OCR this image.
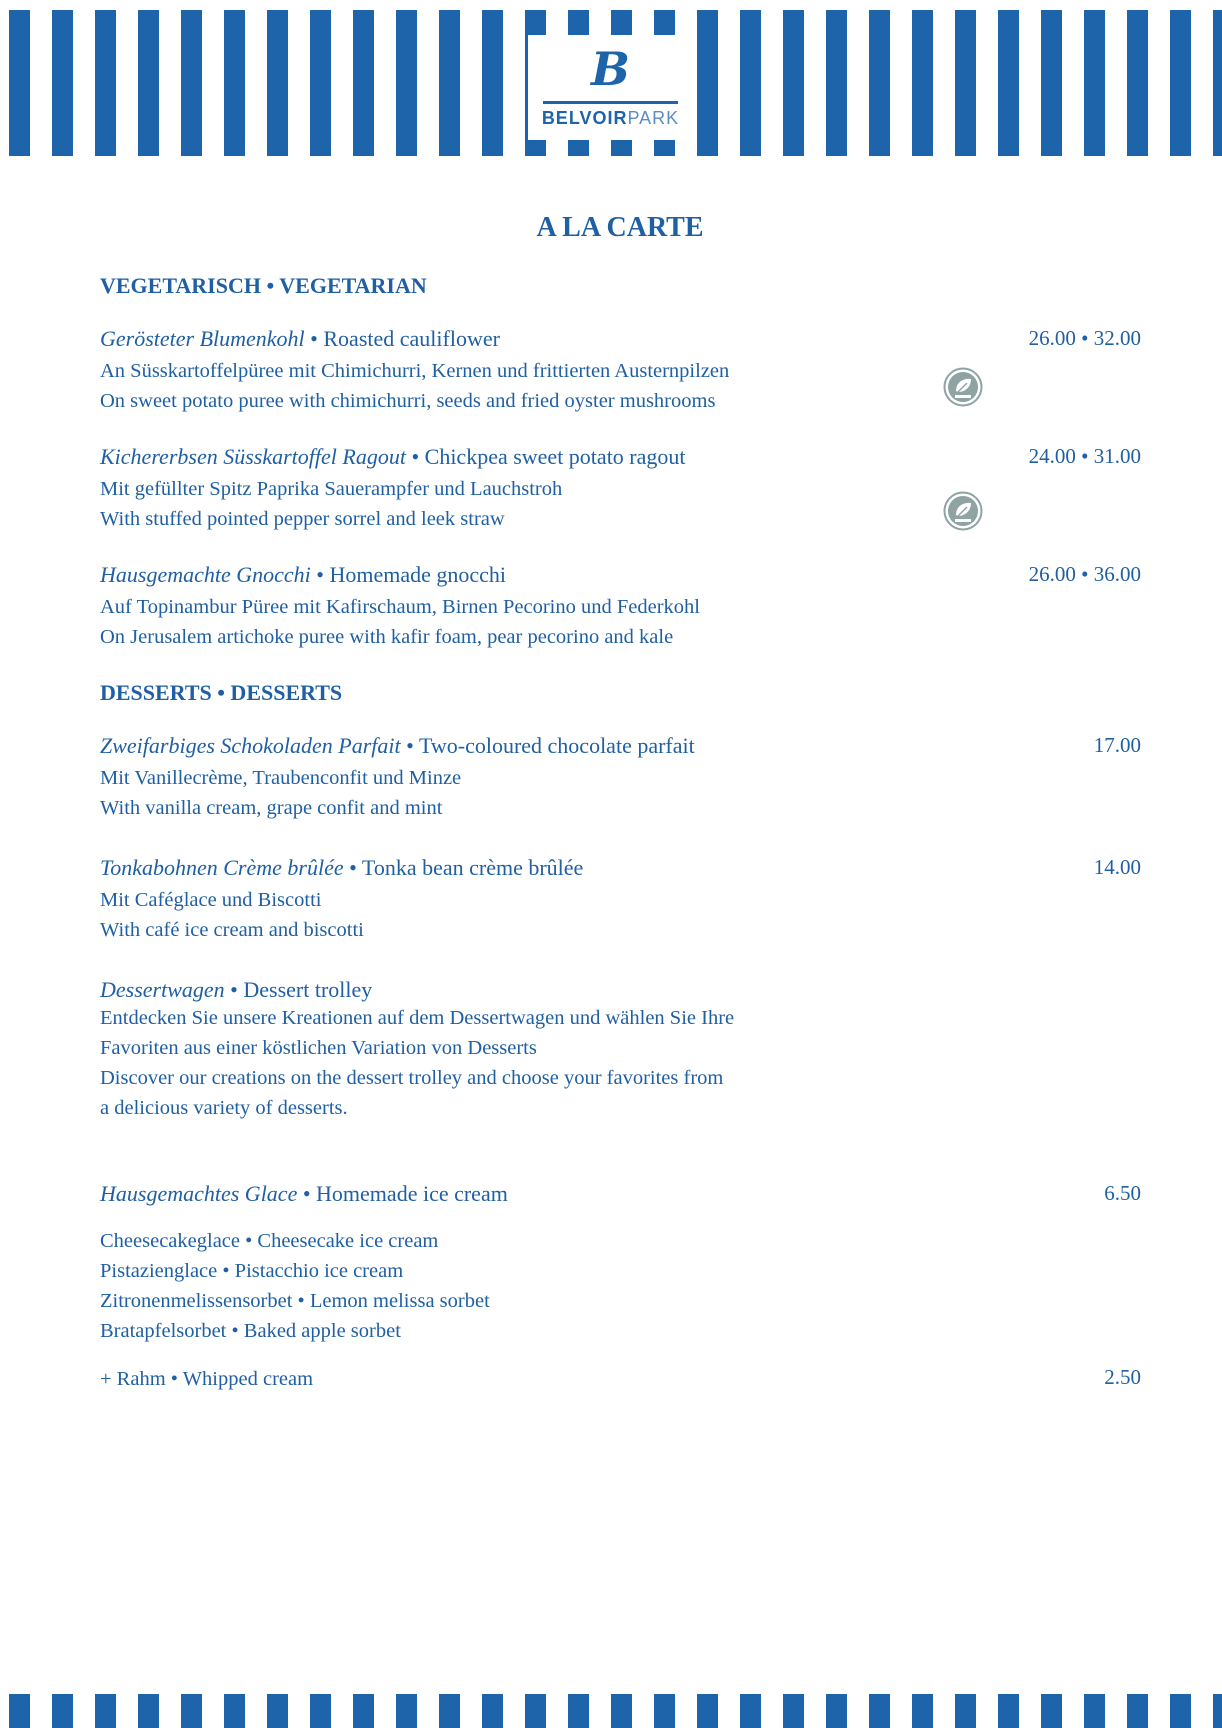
B
BELVOIRPARK
A LA CARTE
VEGETARISCH • VEGETARIAN
Gerösteter Blumenkohl • Roasted cauliflower	26.00 • 32.00
An Süsskartoffelpüree mit Chimichurri, Kernen und frittierten Austernpilzen
On sweet potato puree with chimichurri, seeds and fried oyster mushrooms
Kichererbsen Süsskartoffel Ragout • Chickpea sweet potato ragout	24.00 • 31.00
Mit gefüllter Spitz Paprika Sauerampfer und Lauchstroh
With stuffed pointed pepper sorrel and leek straw
Hausgemachte Gnocchi • Homemade gnocchi	26.00 • 36.00
Auf Topinambur Püree mit Kafirschaum, Birnen Pecorino und Federkohl
On Jerusalem artichoke puree with kafir foam, pear pecorino and kale
DESSERTS • DESSERTS
Zweifarbiges Schokoladen Parfait • Two-coloured chocolate parfait	17.00
Mit Vanillecrème, Traubenconfit und Minze
With vanilla cream, grape confit and mint
Tonkabohnen Crème brûlée • Tonka bean crème brûlée	14.00
Mit Caféglace und Biscotti
With café ice cream and biscotti
Dessertwagen • Dessert trolley
Entdecken Sie unsere Kreationen auf dem Dessertwagen und wählen Sie Ihre
Favoriten aus einer köstlichen Variation von Desserts
Discover our creations on the dessert trolley and choose your favorites from
a delicious variety of desserts.
Hausgemachtes Glace • Homemade ice cream	6.50
Cheesecakeglace • Cheesecake ice cream
Pistazienglace • Pistacchio ice cream
Zitronenmelissensorbet • Lemon melissa sorbet
Bratapfelsorbet • Baked apple sorbet
+ Rahm • Whipped cream	2.50
